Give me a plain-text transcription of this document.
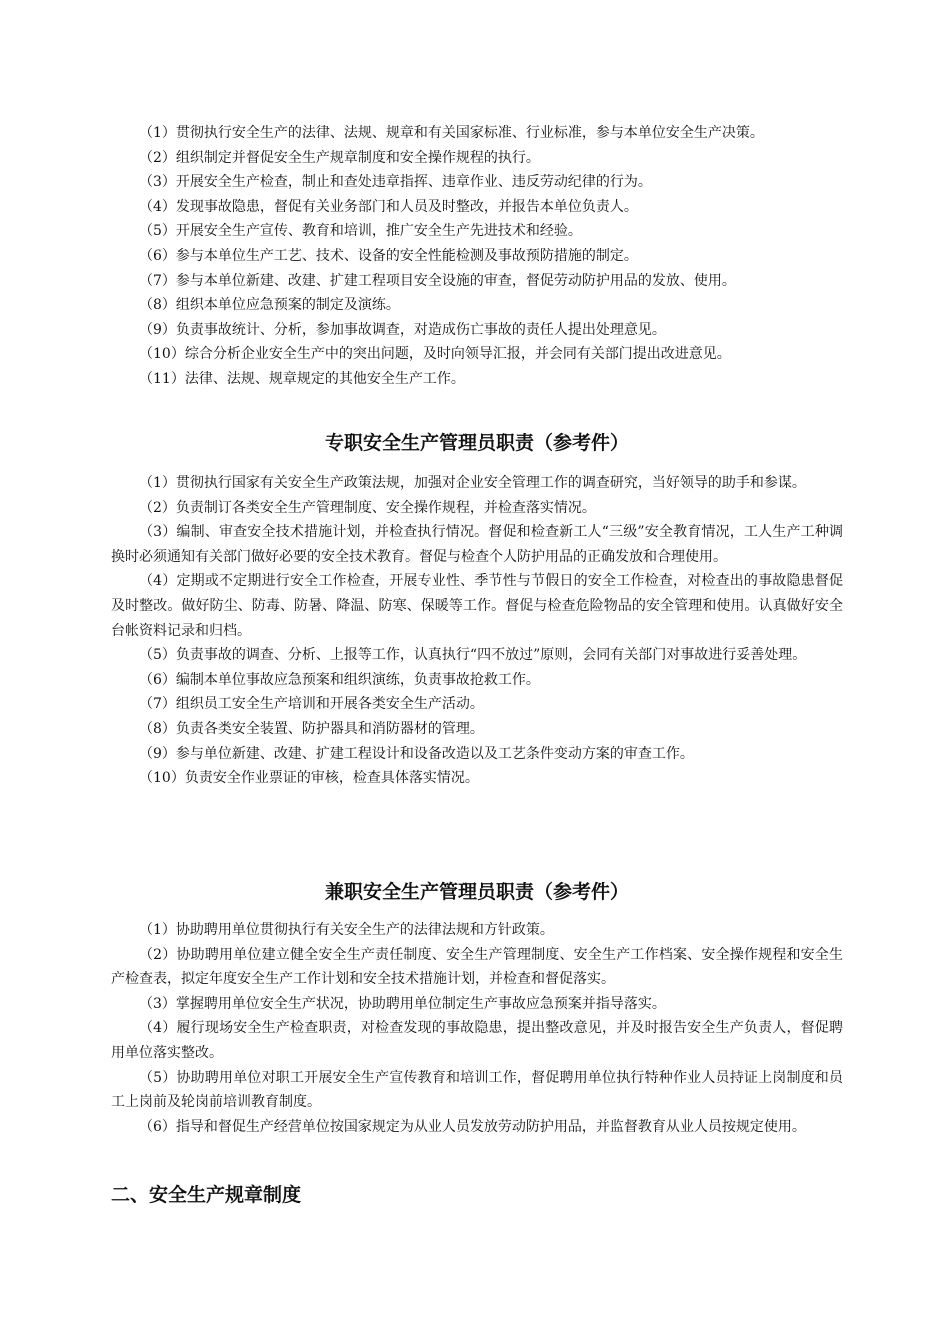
（1）贯彻执行安全生产的法律、法规、规章和有关国家标准、行业标准，参与本单位安全生产决策。

（2）组织制定并督促安全生产规章制度和安全操作规程的执行。

（3）开展安全生产检查，制止和查处违章指挥、违章作业、违反劳动纪律的行为。

（4）发现事故隐患，督促有关业务部门和人员及时整改，并报告本单位负责人。

（5）开展安全生产宣传、教育和培训，推广安全生产先进技术和经验。

（6）参与本单位生产工艺、技术、设备的安全性能检测及事故预防措施的制定。

（7）参与本单位新建、改建、扩建工程项目安全设施的审查，督促劳动防护用品的发放、使用。

（8）组织本单位应急预案的制定及演练。

（9）负责事故统计、分析，参加事故调查，对造成伤亡事故的责任人提出处理意见。

（10）综合分析企业安全生产中的突出问题，及时向领导汇报，并会同有关部门提出改进意见。

（11）法律、法规、规章规定的其他安全生产工作。

专职安全生产管理员职责（参考件）

（1）贯彻执行国家有关安全生产政策法规，加强对企业安全管理工作的调查研究，当好领导的助手和参谋。

（2）负责制订各类安全生产管理制度、安全操作规程，并检查落实情况。

（3）编制、审查安全技术措施计划，并检查执行情况。督促和检查新工人“三级”安全教育情况，工人生产工种调换时必须通知有关部门做好必要的安全技术教育。督促与检查个人防护用品的正确发放和合理使用。

（4）定期或不定期进行安全工作检查，开展专业性、季节性与节假日的安全工作检查，对检查出的事故隐患督促及时整改。做好防尘、防毒、防暑、降温、防寒、保暖等工作。督促与检查危险物品的安全管理和使用。认真做好安全台帐资料记录和归档。

（5）负责事故的调查、分析、上报等工作，认真执行“四不放过”原则，会同有关部门对事故进行妥善处理。

（6）编制本单位事故应急预案和组织演练，负责事故抢救工作。

（7）组织员工安全生产培训和开展各类安全生产活动。

（8）负责各类安全装置、防护器具和消防器材的管理。

（9）参与单位新建、改建、扩建工程设计和设备改造以及工艺条件变动方案的审查工作。

（10）负责安全作业票证的审核，检查具体落实情况。

兼职安全生产管理员职责（参考件）

（1）协助聘用单位贯彻执行有关安全生产的法律法规和方针政策。

（2）协助聘用单位建立健全安全生产责任制度、安全生产管理制度、安全生产工作档案、安全操作规程和安全生产检查表，拟定年度安全生产工作计划和安全技术措施计划，并检查和督促落实。

（3）掌握聘用单位安全生产状况，协助聘用单位制定生产事故应急预案并指导落实。

（4）履行现场安全生产检查职责，对检查发现的事故隐患，提出整改意见，并及时报告安全生产负责人，督促聘用单位落实整改。

（5）协助聘用单位对职工开展安全生产宣传教育和培训工作，督促聘用单位执行特种作业人员持证上岗制度和员工上岗前及轮岗前培训教育制度。

（6）指导和督促生产经营单位按国家规定为从业人员发放劳动防护用品，并监督教育从业人员按规定使用。

二、安全生产规章制度
